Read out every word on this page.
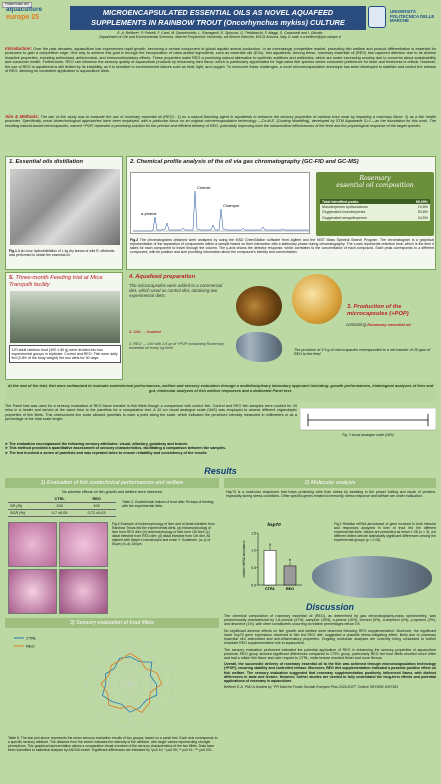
Poster/Video link
aquaculture
europe 25
MICROENCAPSULATED ESSENTIAL OILS AS NOVEL AQUAFEED
SUPPLEMENTS IN RAINBOW TROUT (Oncorhynchus mykiss) CULTURE
UNIVERSITÀ POLITECNICA DELLE MARCHE
E. A. Belfiore*, P. Petrelli, F. Conti, M. Zarantoniello, L. Ramagnoli, E. Spinozzi, G. Trebbiacchi, F. Maggi, S. Cavazzelli and I. Olivotto
Department of Life and Environmental Sciences, Marche Polytechnic University, via Brecce Bianche, 60131 Ancona, Italy. E-mail: e.a.belfiore@pm.univpm.it
Introduction: Over the past decades, aquaculture has experienced rapid growth, becoming a central component of global aquatic animal production. In an increasingly competitive market, promoting fish welfare and product differentiation is essential for producers to gain a competitive edge. One way to achieve this goal is through the incorporation of value-added ingredients, such as essential oils (EOs), into aquafeeds. Among these, rosemary essential oil (REO) has captured attention due to its diverse bioactive properties, including antioxidant, antimicrobial, and immunostimulatory effects. These properties make REO a promising natural alternative to synthetic additives and antibiotics, which are under increasing scrutiny due to concerns about sustainability and consumer health. Furthermore, REO can influence the sensory quality of aquaculture products by enhancing their flavor, which is particularly appreciated for high-value fish species where consumer preference for taste and freshness is critical. However, the use of REO in aquafeeds is still limited by its instability, as it is sensitive to environmental factors such as heat, light, and oxygen. To overcome these challenges, a novel microencapsulation technique has been developed to stabilize and control the release of REO, allowing for consistent application in aquaculture diets.
Aim & Methods: The aim of this study was to evaluate the use of rosemary essential oil (REO) : 1) as a natural flavoring agent in aquafeeds to enhance the sensory properties of rainbow trout meat by imparting a rosemary flavor; 2) as a fish health promoter. Specifically, novel biotechnological approaches have been employed, with a particular focus on an original microencapsulation technology —Co.M.E. (Coating Modelling), developed by STM Aquatrade S.r.l.—as the foundation for this work. The resulting natural-based microcapsules, named +POP, represent a promising solution for the precise and efficient delivery of REO, potentially improving both the nutraceutical effectiveness of the feed and the physiological response of the target species.
1. Essential oils distillation
Fig.1 A six-hour hydrodistillation of 1 kg dry leaves of wild R. officinalis was performed to obtain the essential oil.
2. Chemical profile analysis of the oil via gas chromatography (GC-FID and GC-MS)
Cineole
Champor
α-pinene
Rosemary
essential oil composition
Total identified peaks	98,09%
Monoterpenes hydrocarbons	19,8%
Oxygenated monoterpenes	53,8%
Oxygenated sesquiterpenes	24,5%
Fig.2 The chromatograms obtained were analyzed by using the MSD ChemStation software from Agilent and the NIST Mass Spectral Search Program. The chromatogram is a graphical representation of the separation of components within a sample based on their interaction with a stationary phase during chromatography. The x-axis represents retention time, which is the time it takes for each component to travel through the column. The y-axis shows the detector response, which correlates to the concentration of each compound. Each peak corresponds to a different component, with its position and size providing information about the compound's identity and concentration.
5. Three-month Feeding trial at Mica Tranquilli facility
120 adult rainbow trout (400 ± 80 g) were divided into two experimental groups in triplicate: Control and REO. Fish were daily fed (0.8% of the body weight) the two diets for 90 days.
4. Aquafeed preparation
The microcapsules were added to a commercial diet, which used as control diet, obtaining two experimental diets:
1. Ctrl → Control
2. REO → Ctrl with 2,5 gr of +POP containing Rosemary essential oil every kg feed
3. Production of the microcapsules (+POP)
containing Rosemary essential oil
The provision of 3.5 g of microcapsules corresponded to a net transfer of 25 ppm of REO to the feed
At the end of the trial, fish were euthanized to evaluate zootechnical performances, welfare and sensory evaluation through a multidisciplinary laboratory approach including: growth performances, histological analyses of liver and gut, molecular analyses of fish welfare responses and a dedicated Panel test.
The Panel test was used for a sensory evaluation of REO flavor transfer in fish fillets though a comparison with control fish. Control and REO fish samples were cooked for 20 mins in a heater and served at the same time to the panelists for a comparative test. A 10 cm visual analogue scale (VAS) was employed to assess different organoleptic properties of fish fillets. This unstructured line scale allowed panelists to mark a point along the scale, which indicated the perceived intensity measured in millimeters or as a percentage of the total scale length.
Fig. 3 visual analogue scale (VAS)
➤ The evaluation encompassed the following sensory attributes: visual, olfactory, gustatory and texture.
➤ This method provided a quantitative assessment of sensory characteristics, facilitating a comparison between the samples.
➤ The test involved a series of panelists and was repeated twice to ensure reliability and consistency of the results
Results
1) Evaluation of fish zootechnical performances and welfare	2) Molecular analysis
No adverse effects on fish growth and welfare were observed
	CTRL	REO
SR (%)	100	100
SGR (%)	0,7 ±0,05	0,72 ±0,03
Table 2. Zootechnical indices of trout after 90 days of feeding with the experimental diets.
Fig.3 Example of histomorphology of liver and of distal intestine from Rainbow Trouts fed the experimental diets. (a) histomorphology of liver from REO diet; (b) histomorphology of liver form Ctrl diet; (c) distal intestine from REO diet; (d) distal intestine from Ctrl diet. All stained with Mayer's hematoxylin and eosin Y. Scalebars: (a–c) of 50μm; (b–d) 100μm.
Hsp70 is a molecular chaperone that helps protecting cells from stress by assisting in the proper folding and repair of proteins, especially during stress conditions. Other specific genes related to immunity, stress response and welfare are under evaluation.
hsp70
0.0
0.5
1.0
1.5
relative mRNA abundance	a
CTRL
b
REO
Fig.4 Relative mRNA abundance of gene involved in both immune and responses analyzed in liver of trout fed the different experimental diets. Values are presented as mean ± SD (n = 3). a-b different letters denote statistically significant differences among the experimental groups (p < 0.05).
3) Sensory evaluation of trout fillets
CTRL
REO
Table 5. The star plot above represents the mean sensory evaluation results of two groups, based on a panel test. Each axis corresponds to a specific sensory attribute. The distance from the center indicates the intensity of the attribute, with larger values representing stronger perceptions. This graphical representation allows a comparative visual overview of the sensory characteristics of the two fillets. Data have been submitted to statistical analysis by ANOVA model. Significant differences are indicated by *p≤0.10; * p≤0.05; ** p≤0.01; *** p≤0.001.
Discussion

The chemical composition of rosemary essential oil (REO), as determined by gas chromatography-mass spectrometry, was predominantly characterized by 1,8-cineole (47%), camphor (15%), α-pinene (10%), borneol (5%), α-terpineol (4%), p-cymene (2%), and limonene (1%), with other constituents occurring at relative percentages below 1%.

No significant adverse effects on fish growth and welfare were observed following REO supplementation. Moreover, the significant lower hsp70 gene expression observed in fish fed REO diet, suggested a possible stress-mitigating effect, likely due to rosemary essential oil's antioxidant and anti-inflammatory properties. Ongoing molecular analyses are currently being conducted to further elucidate REO supplementation role in aquaculture.

The sensory evaluation performed indicated the potential application of REO in enhancing the sensory properties of aquaculture products: REO group showed significant differences compared to CTRL group, particularly REO fed trout fillets resulted much bitter and had a milder fish flavor and odor respect to CTRL, while texture resulted firmer and more fibrous.

Overall, the successful delivery of rosemary essential oil to the fish was achieved through microencapsulation technology (+POP), ensuring stability and controlled release. Moreover, REO diet supplementation indicated a possible positive effect on fish welfare. The sensory evaluation suggested that rosemary supplementation positively influenced flavor, with distinct differences in taste and texture. However, further studies are needed to fully understand the long-term effects and potential applications of rosemary in aquaculture.

Belfiore E.A. PhD is funded by "PR Marche Fondo Sociale Europeo Plus 2021/2027" Codice SIFORM 1097181
